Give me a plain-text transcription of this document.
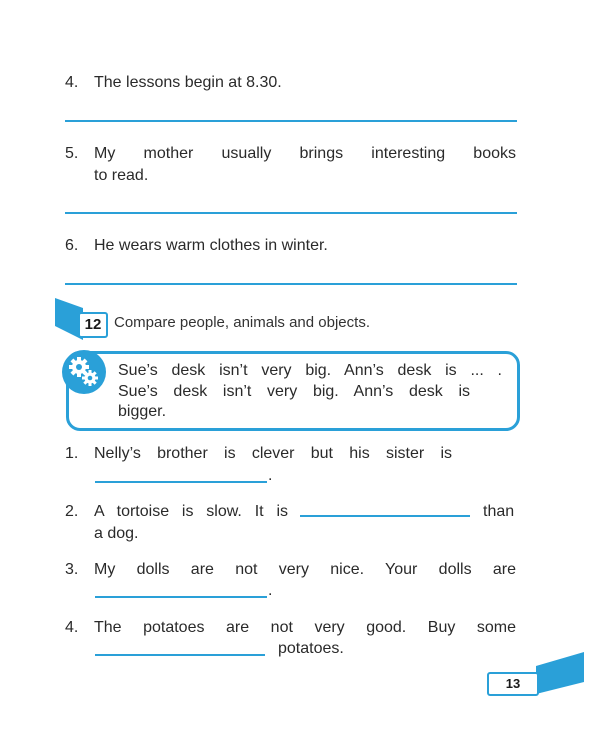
4. The lessons begin at 8.30.
5. My mother usually brings interesting books
to read.
6. He wears warm clothes in winter.
12 Compare people, animals and objects.
Sue’s desk isn’t very big. Ann’s desk is ... .
Sue’s desk isn’t very big. Ann’s desk is
bigger.
1. Nelly’s brother is clever but his sister is
.
2. A tortoise is slow. It is	than
a dog.
3. My dolls are not very nice. Your dolls are
.
4. The potatoes are not very good. Buy some
potatoes.
13
